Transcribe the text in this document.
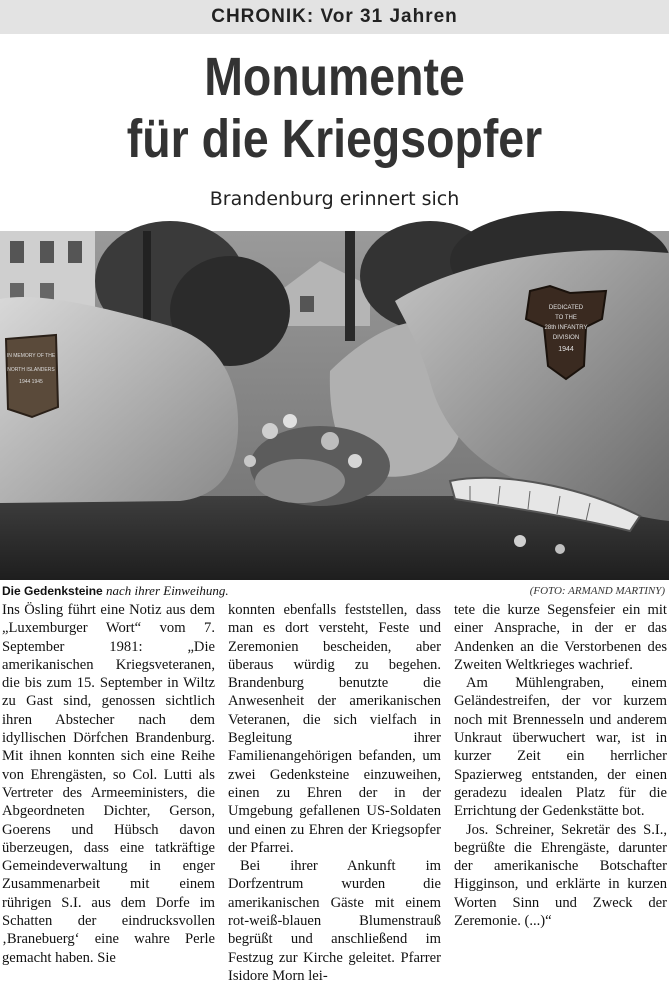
CHRONIK: Vor 31 Jahren
Monumente
für die Kriegsopfer
Brandenburg erinnert sich
IN MEMORY OF THE
NORTH ISLANDERS
1944 1945
DEDICATED
TO THE
28th INFANTRY
DIVISION
1944
Die Gedenksteine nach ihrer Einweihung.	(FOTO: ARMAND MARTINY)

Ins Ösling führt eine Notiz aus dem „Luxemburger Wort“ vom 7. September 1981: „Die amerikanischen Kriegsveteranen, die bis zum 15. September in Wiltz zu Gast sind, genossen sichtlich ihren Abstecher nach dem idyllischen Dörfchen Brandenburg. Mit ihnen konnten sich eine Reihe von Ehrengästen, so Col. Lutti als Vertreter des Armeeministers, die Abgeordneten Dichter, Gerson, Goerens und Hübsch davon überzeugen, dass eine tatkräftige Gemeindeverwaltung in enger Zusammenarbeit mit einem rührigen S.I. aus dem Dorfe im Schatten der eindrucksvollen ‚Branebuerg‘ eine wahre Perle gemacht haben. Sie

konnten ebenfalls feststellen, dass man es dort versteht, Feste und Zeremonien bescheiden, aber überaus würdig zu begehen. Brandenburg benutzte die Anwesenheit der amerikanischen Veteranen, die sich vielfach in Begleitung ihrer Familienangehörigen befanden, um zwei Gedenksteine einzuweihen, einen zu Ehren der in der Umgebung gefallenen US-Soldaten und einen zu Ehren der Kriegsopfer der Pfarrei.

Bei ihrer Ankunft im Dorfzentrum wurden die amerikanischen Gäste mit einem rot-weiß-blauen Blumenstrauß begrüßt und anschließend im Festzug zur Kirche geleitet. Pfarrer Isidore Morn lei-

tete die kurze Segensfeier ein mit einer Ansprache, in der er das Andenken an die Verstorbenen des Zweiten Weltkrieges wachrief.

Am Mühlengraben, einem Geländestreifen, der vor kurzem noch mit Brennesseln und anderem Unkraut überwuchert war, ist in kurzer Zeit ein herrlicher Spazierweg entstanden, der einen geradezu idealen Platz für die Errichtung der Gedenkstätte bot.

Jos. Schreiner, Sekretär des S.I., begrüßte die Ehrengäste, darunter der amerikanische Botschafter Higginson, und erklärte in kurzen Worten Sinn und Zweck der Zeremonie. (...)“
